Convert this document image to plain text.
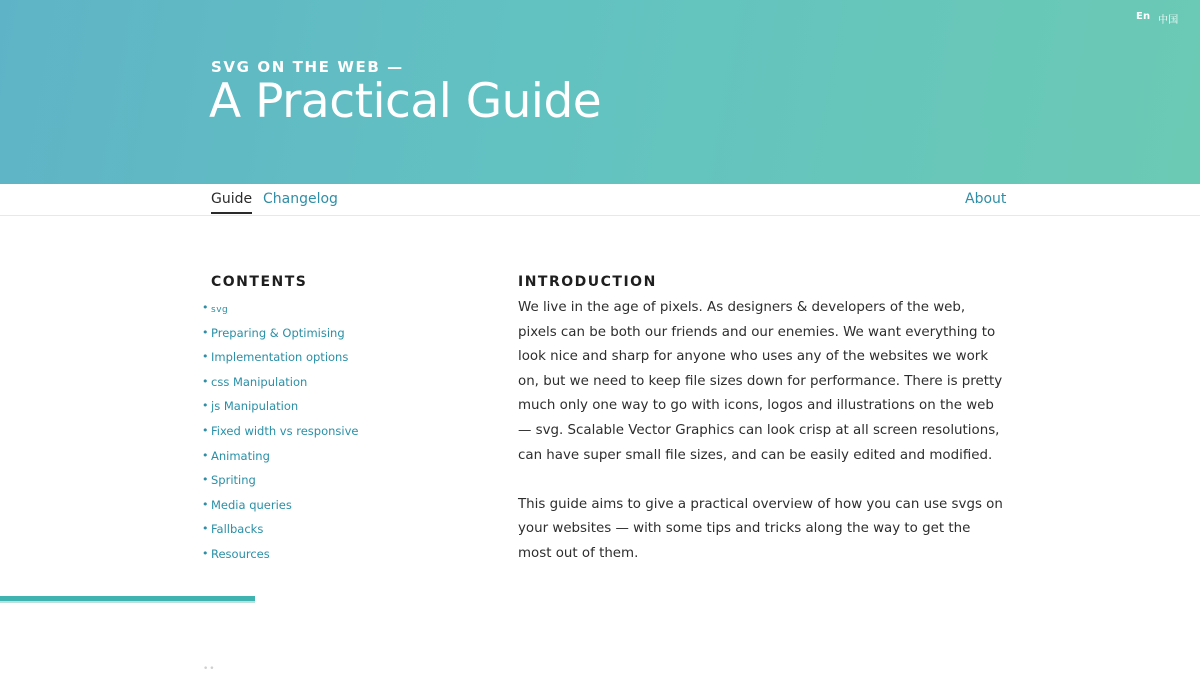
En 中国
SVG ON THE WEB —
A Practical Guide
Guide Changelog	About
CONTENTS
• svg
• Preparing & Optimising
• Implementation options
• css Manipulation
• js Manipulation
• Fixed width vs responsive
• Animating
• Spriting
• Media queries
• Fallbacks
• Resources
••
INTRODUCTION

We live in the age of pixels. As designers & developers of the web, pixels can be both our friends and our enemies. We want everything to look nice and sharp for anyone who uses any of the websites we work on, but we need to keep file sizes down for performance. There is pretty much only one way to go with icons, logos and illustrations on the web — svg. Scalable Vector Graphics can look crisp at all screen resolutions, can have super small file sizes, and can be easily edited and modified.

This guide aims to give a practical overview of how you can use svgs on your websites — with some tips and tricks along the way to get the most out of them.
